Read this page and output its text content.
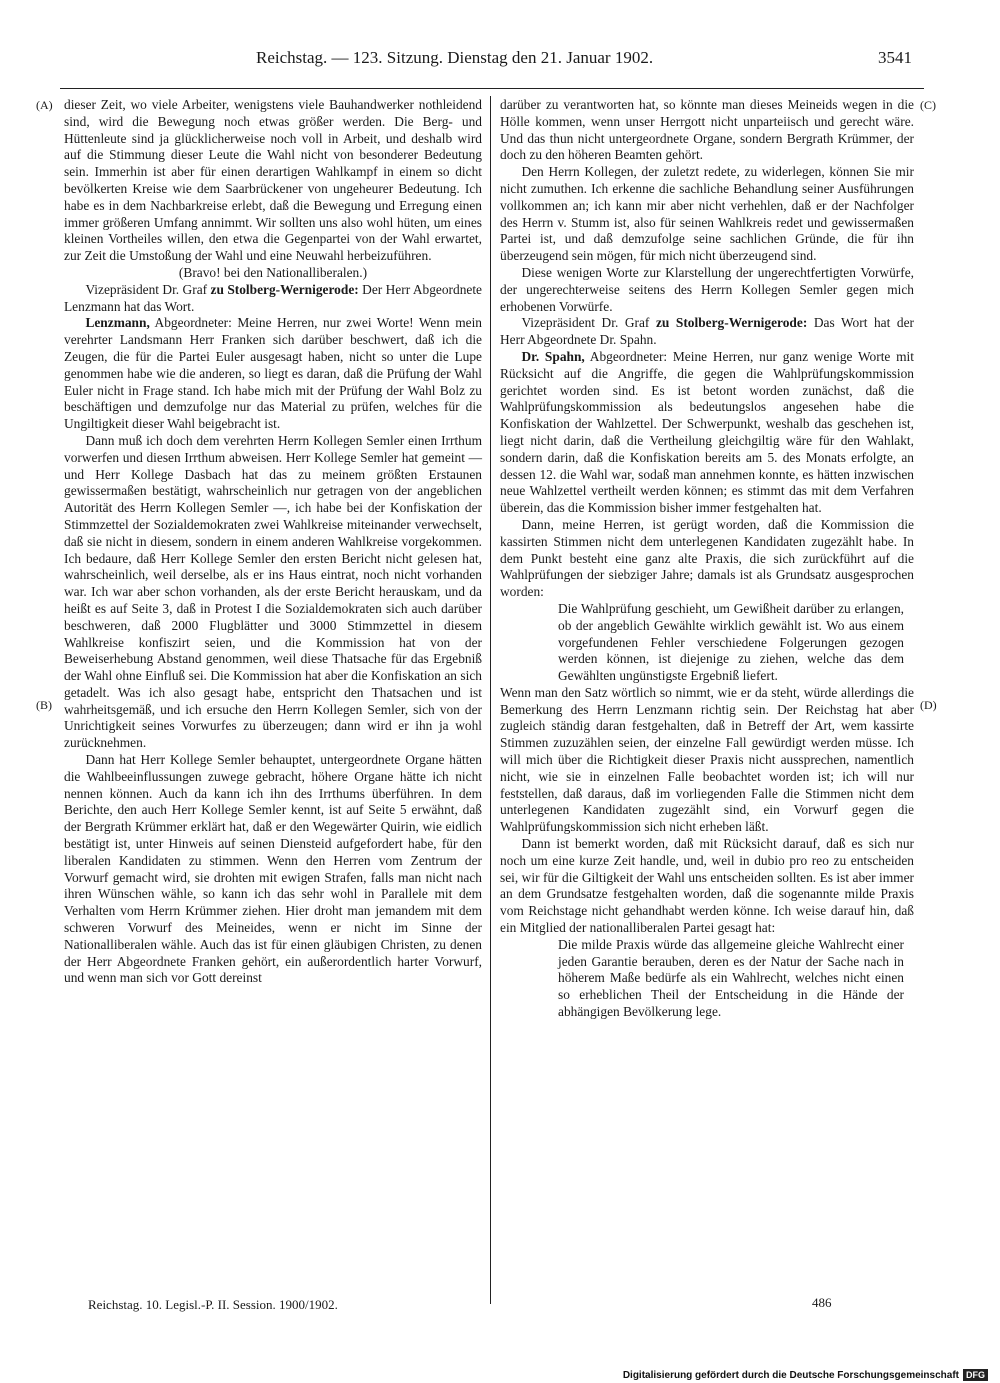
Reichstag. — 123. Sitzung. Dienstag den 21. Januar 1902.	3541
(A)
(B)
(C)
(D)

dieser Zeit, wo viele Arbeiter, wenigstens viele Bauhandwerker nothleidend sind, wird die Bewegung noch etwas größer werden. Die Berg- und Hüttenleute sind ja glücklicherweise noch voll in Arbeit, und deshalb wird auf die Stimmung dieser Leute die Wahl nicht von besonderer Bedeutung sein. Immerhin ist aber für einen derartigen Wahlkampf in einem so dicht bevölkerten Kreise wie dem Saarbrückener von ungeheurer Bedeutung. Ich habe es in dem Nachbarkreise erlebt, daß die Bewegung und Erregung einen immer größeren Umfang annimmt. Wir sollten uns also wohl hüten, um eines kleinen Vortheiles willen, den etwa die Gegenpartei von der Wahl erwartet, zur Zeit die Umstoßung der Wahl und eine Neuwahl herbeizuführen.

(Bravo! bei den Nationalliberalen.)

Vizepräsident Dr. Graf zu Stolberg-Wernigerode: Der Herr Abgeordnete Lenzmann hat das Wort.

Lenzmann, Abgeordneter: Meine Herren, nur zwei Worte! Wenn mein verehrter Landsmann Herr Franken sich darüber beschwert, daß ich die Zeugen, die für die Partei Euler ausgesagt haben, nicht so unter die Lupe genommen habe wie die anderen, so liegt es daran, daß die Prüfung der Wahl Euler nicht in Frage stand. Ich habe mich mit der Prüfung der Wahl Bolz zu beschäftigen und demzufolge nur das Material zu prüfen, welches für die Ungiltigkeit dieser Wahl beigebracht ist.

Dann muß ich doch dem verehrten Herrn Kollegen Semler einen Irrthum vorwerfen und diesen Irrthum abweisen. Herr Kollege Semler hat gemeint — und Herr Kollege Dasbach hat das zu meinem größten Erstaunen gewissermaßen bestätigt, wahrscheinlich nur getragen von der angeblichen Autorität des Herrn Kollegen Semler —, ich habe bei der Konfiskation der Stimmzettel der Sozialdemokraten zwei Wahlkreise miteinander verwechselt, daß sie nicht in diesem, sondern in einem anderen Wahlkreise vorgekommen. Ich bedaure, daß Herr Kollege Semler den ersten Bericht nicht gelesen hat, wahrscheinlich, weil derselbe, als er ins Haus eintrat, noch nicht vorhanden war. Ich war aber schon vorhanden, als der erste Bericht herauskam, und da heißt es auf Seite 3, daß in Protest I die Sozialdemokraten sich auch darüber beschweren, daß 2000 Flugblätter und 3000 Stimmzettel in diesem Wahlkreise konfiszirt seien, und die Kommission hat von der Beweiserhebung Abstand genommen, weil diese Thatsache für das Ergebniß der Wahl ohne Einfluß sei. Die Kommission hat aber die Konfiskation an sich getadelt. Was ich also gesagt habe, entspricht den Thatsachen und ist wahrheitsgemäß, und ich ersuche den Herrn Kollegen Semler, sich von der Unrichtigkeit seines Vorwurfes zu überzeugen; dann wird er ihn ja wohl zurücknehmen.

Dann hat Herr Kollege Semler behauptet, untergeordnete Organe hätten die Wahlbeeinflussungen zuwege gebracht, höhere Organe hätte ich nicht nennen können. Auch da kann ich ihn des Irrthums überführen. In dem Berichte, den auch Herr Kollege Semler kennt, ist auf Seite 5 erwähnt, daß der Bergrath Krümmer erklärt hat, daß er den Wegewärter Quirin, wie eidlich bestätigt ist, unter Hinweis auf seinen Diensteid aufgefordert habe, für den liberalen Kandidaten zu stimmen. Wenn den Herren vom Zentrum der Vorwurf gemacht wird, sie drohten mit ewigen Strafen, falls man nicht nach ihren Wünschen wähle, so kann ich das sehr wohl in Parallele mit dem Verhalten vom Herrn Krümmer ziehen. Hier droht man jemandem mit dem schweren Vorwurf des Meineides, wenn er nicht im Sinne der Nationalliberalen wähle. Auch das ist für einen gläubigen Christen, zu denen der Herr Abgeordnete Franken gehört, ein außerordentlich harter Vorwurf, und wenn man sich vor Gott dereinst

darüber zu verantworten hat, so könnte man dieses Meineids wegen in die Hölle kommen, wenn unser Herrgott nicht unparteiisch und gerecht wäre. Und das thun nicht untergeordnete Organe, sondern Bergrath Krümmer, der doch zu den höheren Beamten gehört.

Den Herrn Kollegen, der zuletzt redete, zu widerlegen, können Sie mir nicht zumuthen. Ich erkenne die sachliche Behandlung seiner Ausführungen vollkommen an; ich kann mir aber nicht verhehlen, daß er der Nachfolger des Herrn v. Stumm ist, also für seinen Wahlkreis redet und gewissermaßen Partei ist, und daß demzufolge seine sachlichen Gründe, die für ihn überzeugend sein mögen, für mich nicht überzeugend sind.

Diese wenigen Worte zur Klarstellung der ungerechtfertigten Vorwürfe, der ungerechterweise seitens des Herrn Kollegen Semler gegen mich erhobenen Vorwürfe.

Vizepräsident Dr. Graf zu Stolberg-Wernigerode: Das Wort hat der Herr Abgeordnete Dr. Spahn.

Dr. Spahn, Abgeordneter: Meine Herren, nur ganz wenige Worte mit Rücksicht auf die Angriffe, die gegen die Wahlprüfungskommission gerichtet worden sind. Es ist betont worden zunächst, daß die Wahlprüfungskommission als bedeutungslos angesehen habe die Konfiskation der Wahlzettel. Der Schwerpunkt, weshalb das geschehen ist, liegt nicht darin, daß die Vertheilung gleichgiltig wäre für den Wahlakt, sondern darin, daß die Konfiskation bereits am 5. des Monats erfolgte, an dessen 12. die Wahl war, sodaß man annehmen konnte, es hätten inzwischen neue Wahlzettel vertheilt werden können; es stimmt das mit dem Verfahren überein, das die Kommission bisher immer festgehalten hat.

Dann, meine Herren, ist gerügt worden, daß die Kommission die kassirten Stimmen nicht dem unterlegenen Kandidaten zugezählt habe. In dem Punkt besteht eine ganz alte Praxis, die sich zurückführt auf die Wahlprüfungen der siebziger Jahre; damals ist als Grundsatz ausgesprochen worden:

Die Wahlprüfung geschieht, um Gewißheit darüber zu erlangen, ob der angeblich Gewählte wirklich gewählt ist. Wo aus einem vorgefundenen Fehler verschiedene Folgerungen gezogen werden können, ist diejenige zu ziehen, welche das dem Gewählten ungünstigste Ergebniß liefert.

Wenn man den Satz wörtlich so nimmt, wie er da steht, würde allerdings die Bemerkung des Herrn Lenzmann richtig sein. Der Reichstag hat aber zugleich ständig daran festgehalten, daß in Betreff der Art, wem kassirte Stimmen zuzuzählen seien, der einzelne Fall gewürdigt werden müsse. Ich will mich über die Richtigkeit dieser Praxis nicht aussprechen, namentlich nicht, wie sie in einzelnen Falle beobachtet worden ist; ich will nur feststellen, daß daraus, daß im vorliegenden Falle die Stimmen nicht dem unterlegenen Kandidaten zugezählt sind, ein Vorwurf gegen die Wahlprüfungskommission sich nicht erheben läßt.

Dann ist bemerkt worden, daß mit Rücksicht darauf, daß es sich nur noch um eine kurze Zeit handle, und, weil in dubio pro reo zu entscheiden sei, wir für die Giltigkeit der Wahl uns entscheiden sollten. Es ist aber immer an dem Grundsatze festgehalten worden, daß die sogenannte milde Praxis vom Reichstage nicht gehandhabt werden könne. Ich weise darauf hin, daß ein Mitglied der nationalliberalen Partei gesagt hat:

Die milde Praxis würde das allgemeine gleiche Wahlrecht einer jeden Garantie berauben, deren es der Natur der Sache nach in höherem Maße bedürfe als ein Wahlrecht, welches nicht einen so erheblichen Theil der Entscheidung in die Hände der abhängigen Bevölkerung lege.

Reichstag. 10. Legisl.-P. II. Session. 1900/1902.	486
Digitalisierung gefördert durch die Deutsche Forschungsgemeinschaft DFG
